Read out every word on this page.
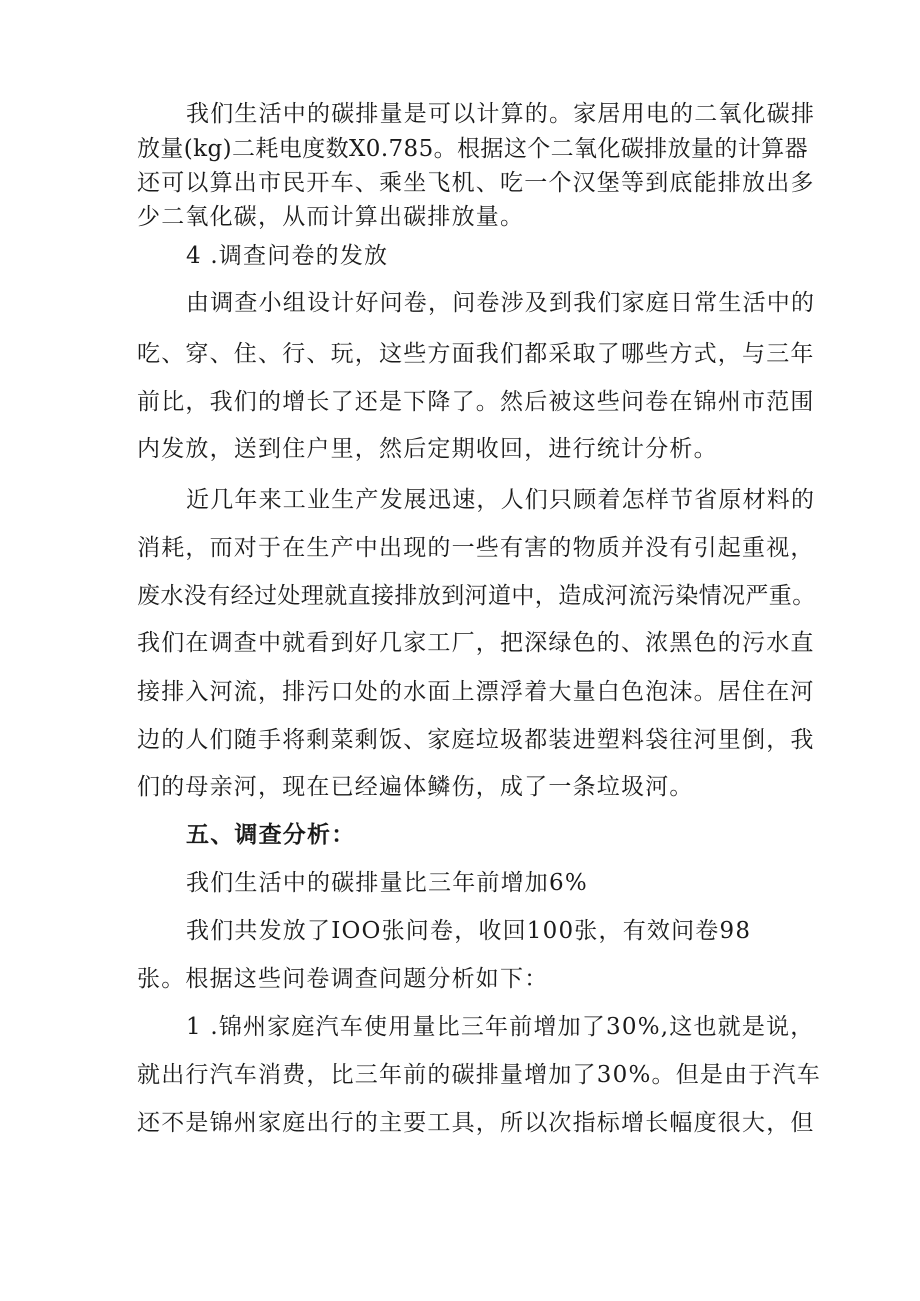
我们生活中的碳排量是可以计算的。家居用电的二氧化碳排
放量(kg)二耗电度数X0.785。根据这个二氧化碳排放量的计算器
还可以算出市民开车、乘坐飞机、吃一个汉堡等到底能排放出多
少二氧化碳，从而计算出碳排放量。
4 .调查问卷的发放
由调查小组设计好问卷，问卷涉及到我们家庭日常生活中的
吃、穿、住、行、玩，这些方面我们都采取了哪些方式，与三年
前比，我们的增长了还是下降了。然后被这些问卷在锦州市范围
内发放，送到住户里，然后定期收回，进行统计分析。
近几年来工业生产发展迅速，人们只顾着怎样节省原材料的
消耗，而对于在生产中出现的一些有害的物质并没有引起重视，
废水没有经过处理就直接排放到河道中，造成河流污染情况严重。
我们在调查中就看到好几家工厂，把深绿色的、浓黑色的污水直
接排入河流，排污口处的水面上漂浮着大量白色泡沫。居住在河
边的人们随手将剩菜剩饭、家庭垃圾都装进塑料袋往河里倒，我
们的母亲河，现在已经遍体鳞伤，成了一条垃圾河。
五、调查分析：
我们生活中的碳排量比三年前增加6%
我们共发放了IOO张问卷，收回100张，有效问卷98
张。根据这些问卷调查问题分析如下：
1 .锦州家庭汽车使用量比三年前增加了30%,这也就是说，
就出行汽车消费，比三年前的碳排量增加了30%。但是由于汽车
还不是锦州家庭出行的主要工具，所以次指标增长幅度很大，但
